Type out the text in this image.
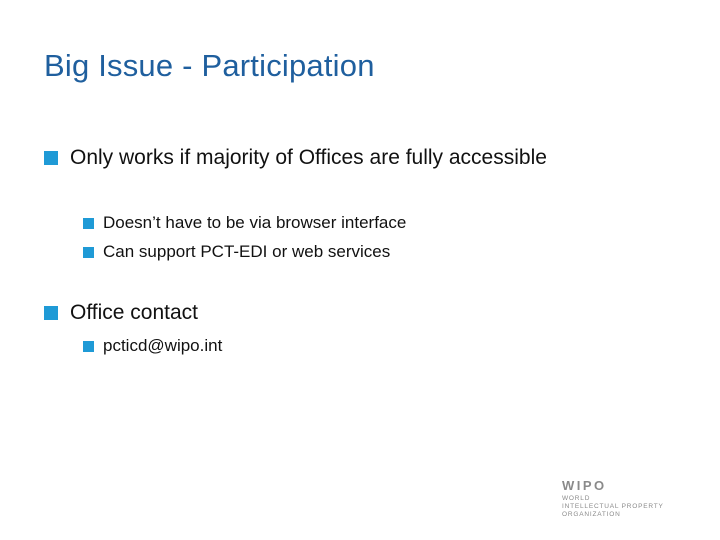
Big Issue - Participation
Only works if majority of Offices are fully accessible
Doesn’t have to be via browser interface
Can support PCT-EDI or web services
Office contact
pcticd@wipo.int
WIPO
WORLD
INTELLECTUAL PROPERTY
ORGANIZATION
